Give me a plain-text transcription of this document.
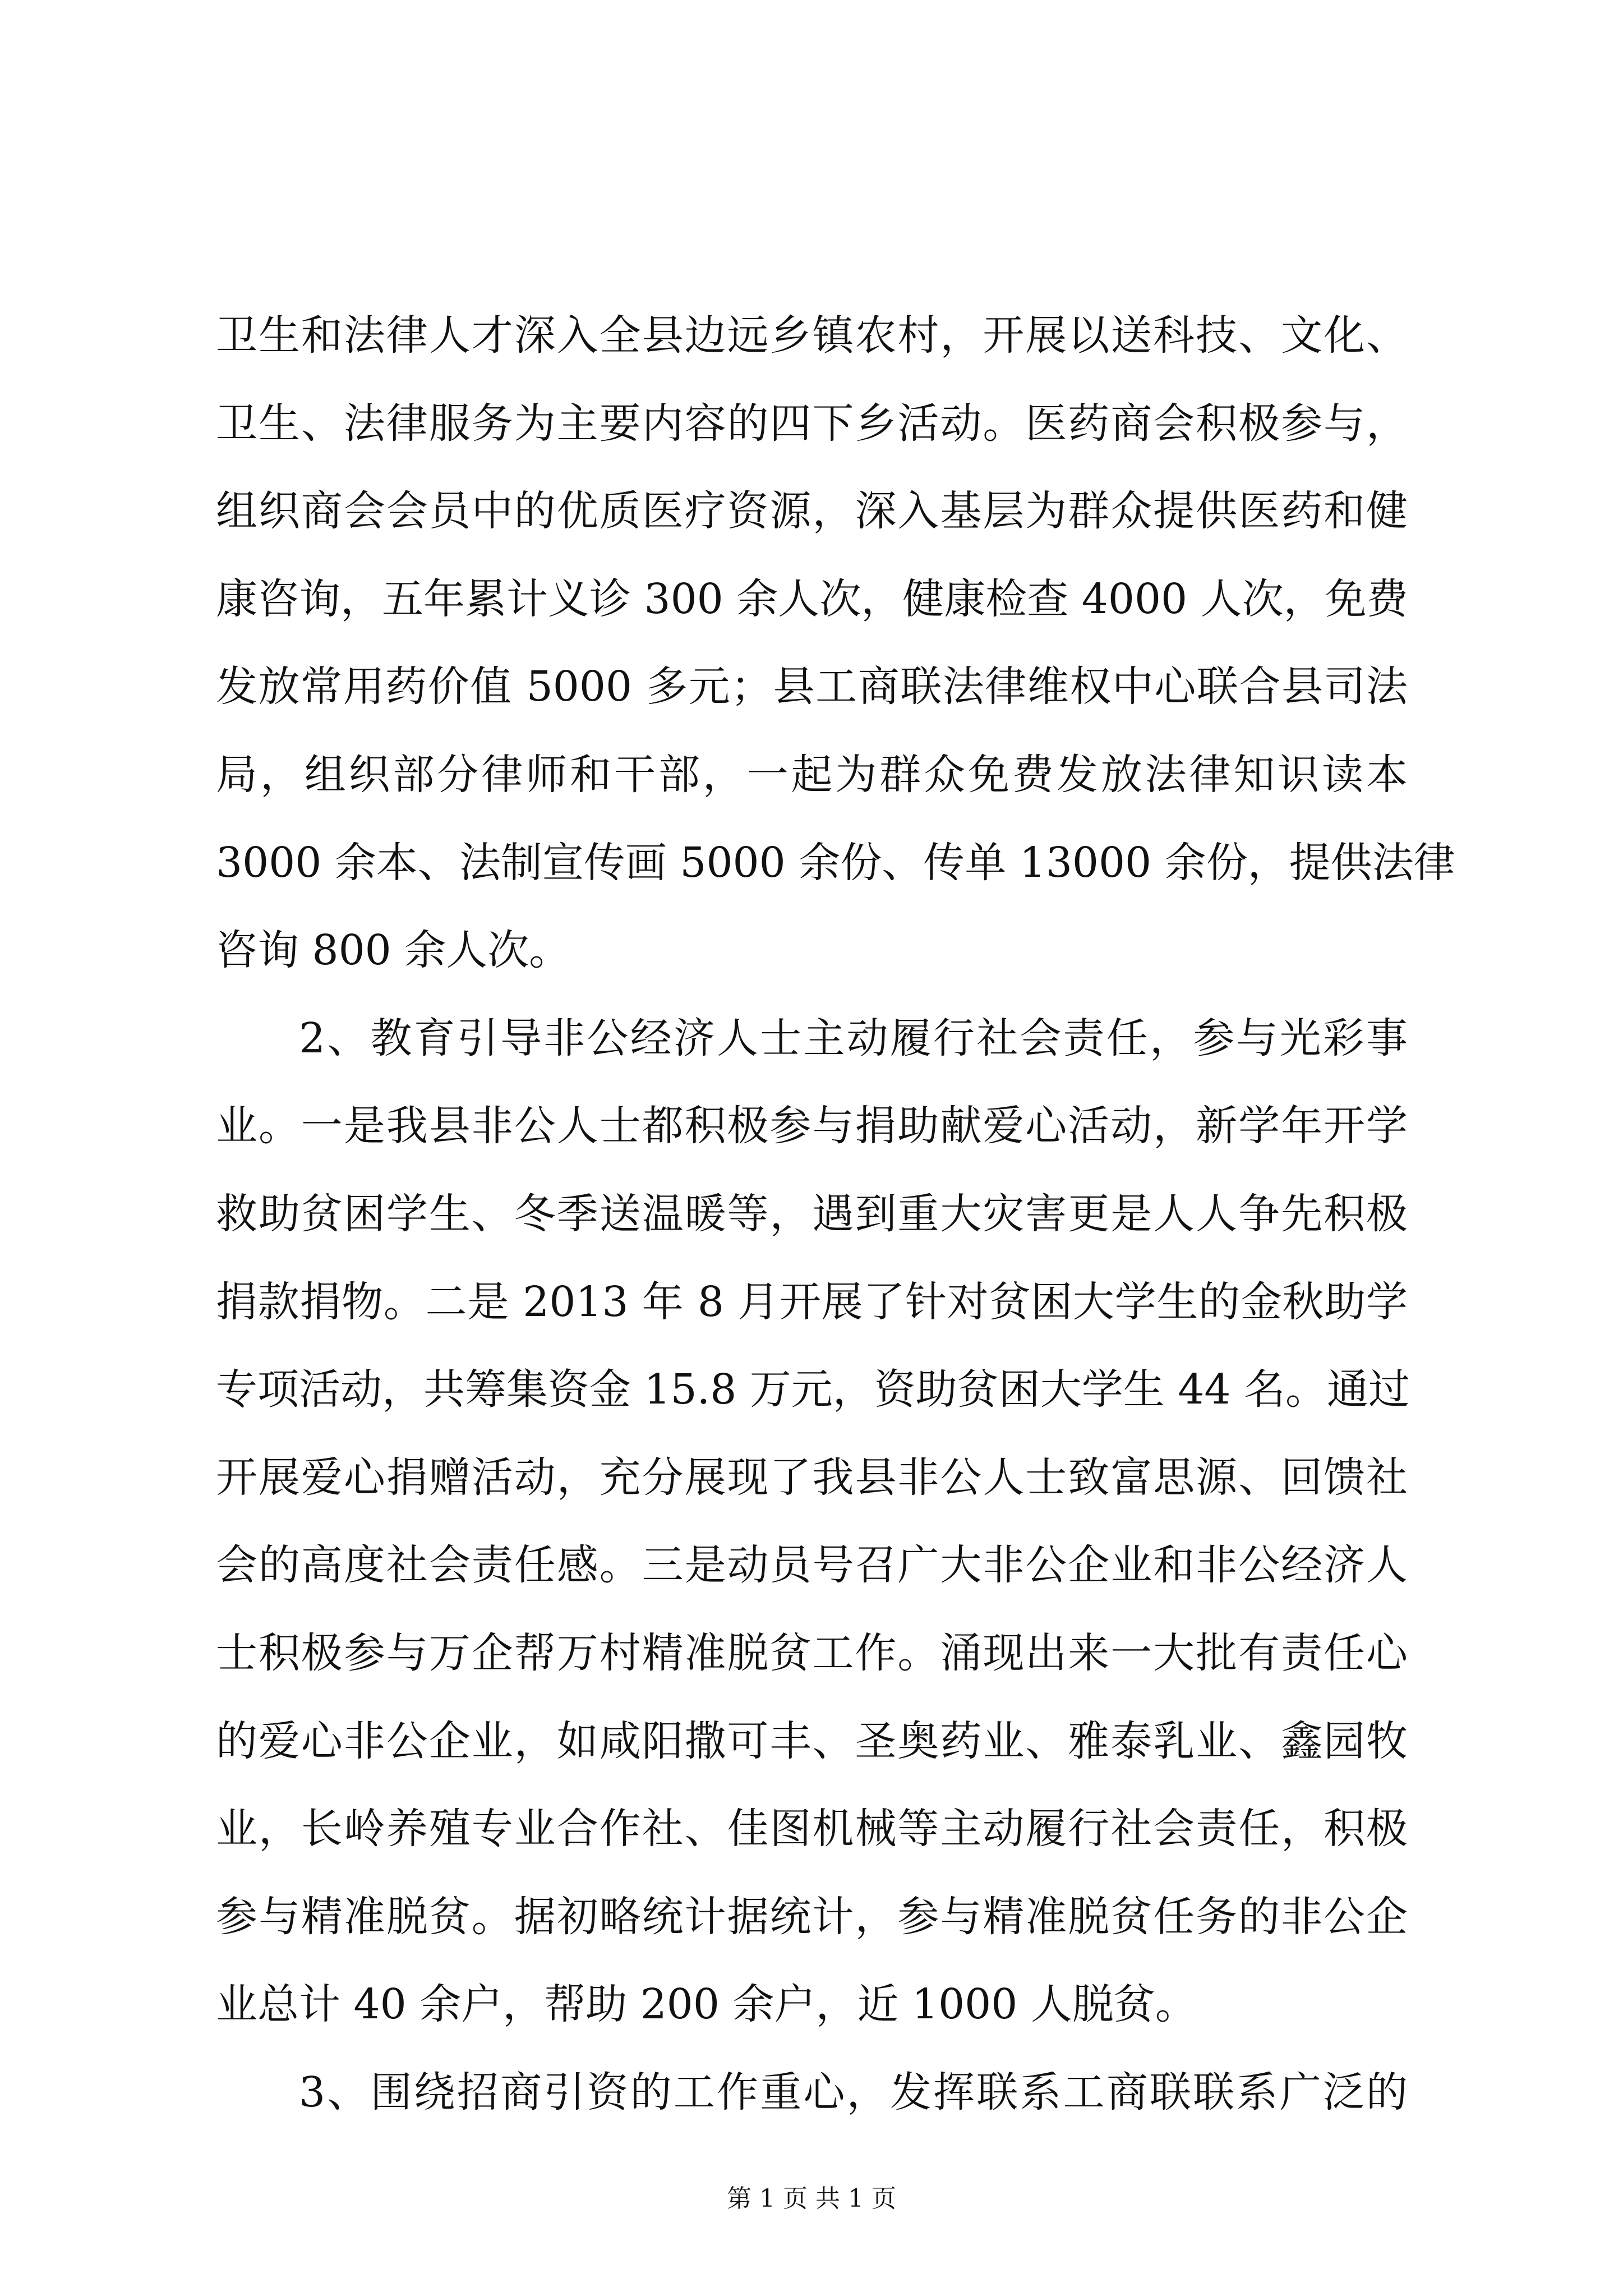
卫生和法律人才深入全县边远乡镇农村，开展以送科技、文化、
卫生、法律服务为主要内容的四下乡活动。医药商会积极参与，
组织商会会员中的优质医疗资源，深入基层为群众提供医药和健
康咨询，五年累计义诊 300 余人次，健康检查 4000 人次，免费
发放常用药价值 5000 多元；县工商联法律维权中心联合县司法
局，组织部分律师和干部，一起为群众免费发放法律知识读本
3000 余本、法制宣传画 5000 余份、传单 13000 余份，提供法律
咨询 800 余人次。
2、教育引导非公经济人士主动履行社会责任，参与光彩事
业。一是我县非公人士都积极参与捐助献爱心活动，新学年开学
救助贫困学生、冬季送温暖等，遇到重大灾害更是人人争先积极
捐款捐物。二是 2013 年 8 月开展了针对贫困大学生的金秋助学
专项活动，共筹集资金 15.8 万元，资助贫困大学生 44 名。通过
开展爱心捐赠活动，充分展现了我县非公人士致富思源、回馈社
会的高度社会责任感。三是动员号召广大非公企业和非公经济人
士积极参与万企帮万村精准脱贫工作。涌现出来一大批有责任心
的爱心非公企业，如咸阳撒可丰、圣奥药业、雅泰乳业、鑫园牧
业，长岭养殖专业合作社、佳图机械等主动履行社会责任，积极
参与精准脱贫。据初略统计据统计，参与精准脱贫任务的非公企
业总计 40 余户，帮助 200 余户，近 1000 人脱贫。
3、围绕招商引资的工作重心，发挥联系工商联联系广泛的
第 1 页 共 1 页
